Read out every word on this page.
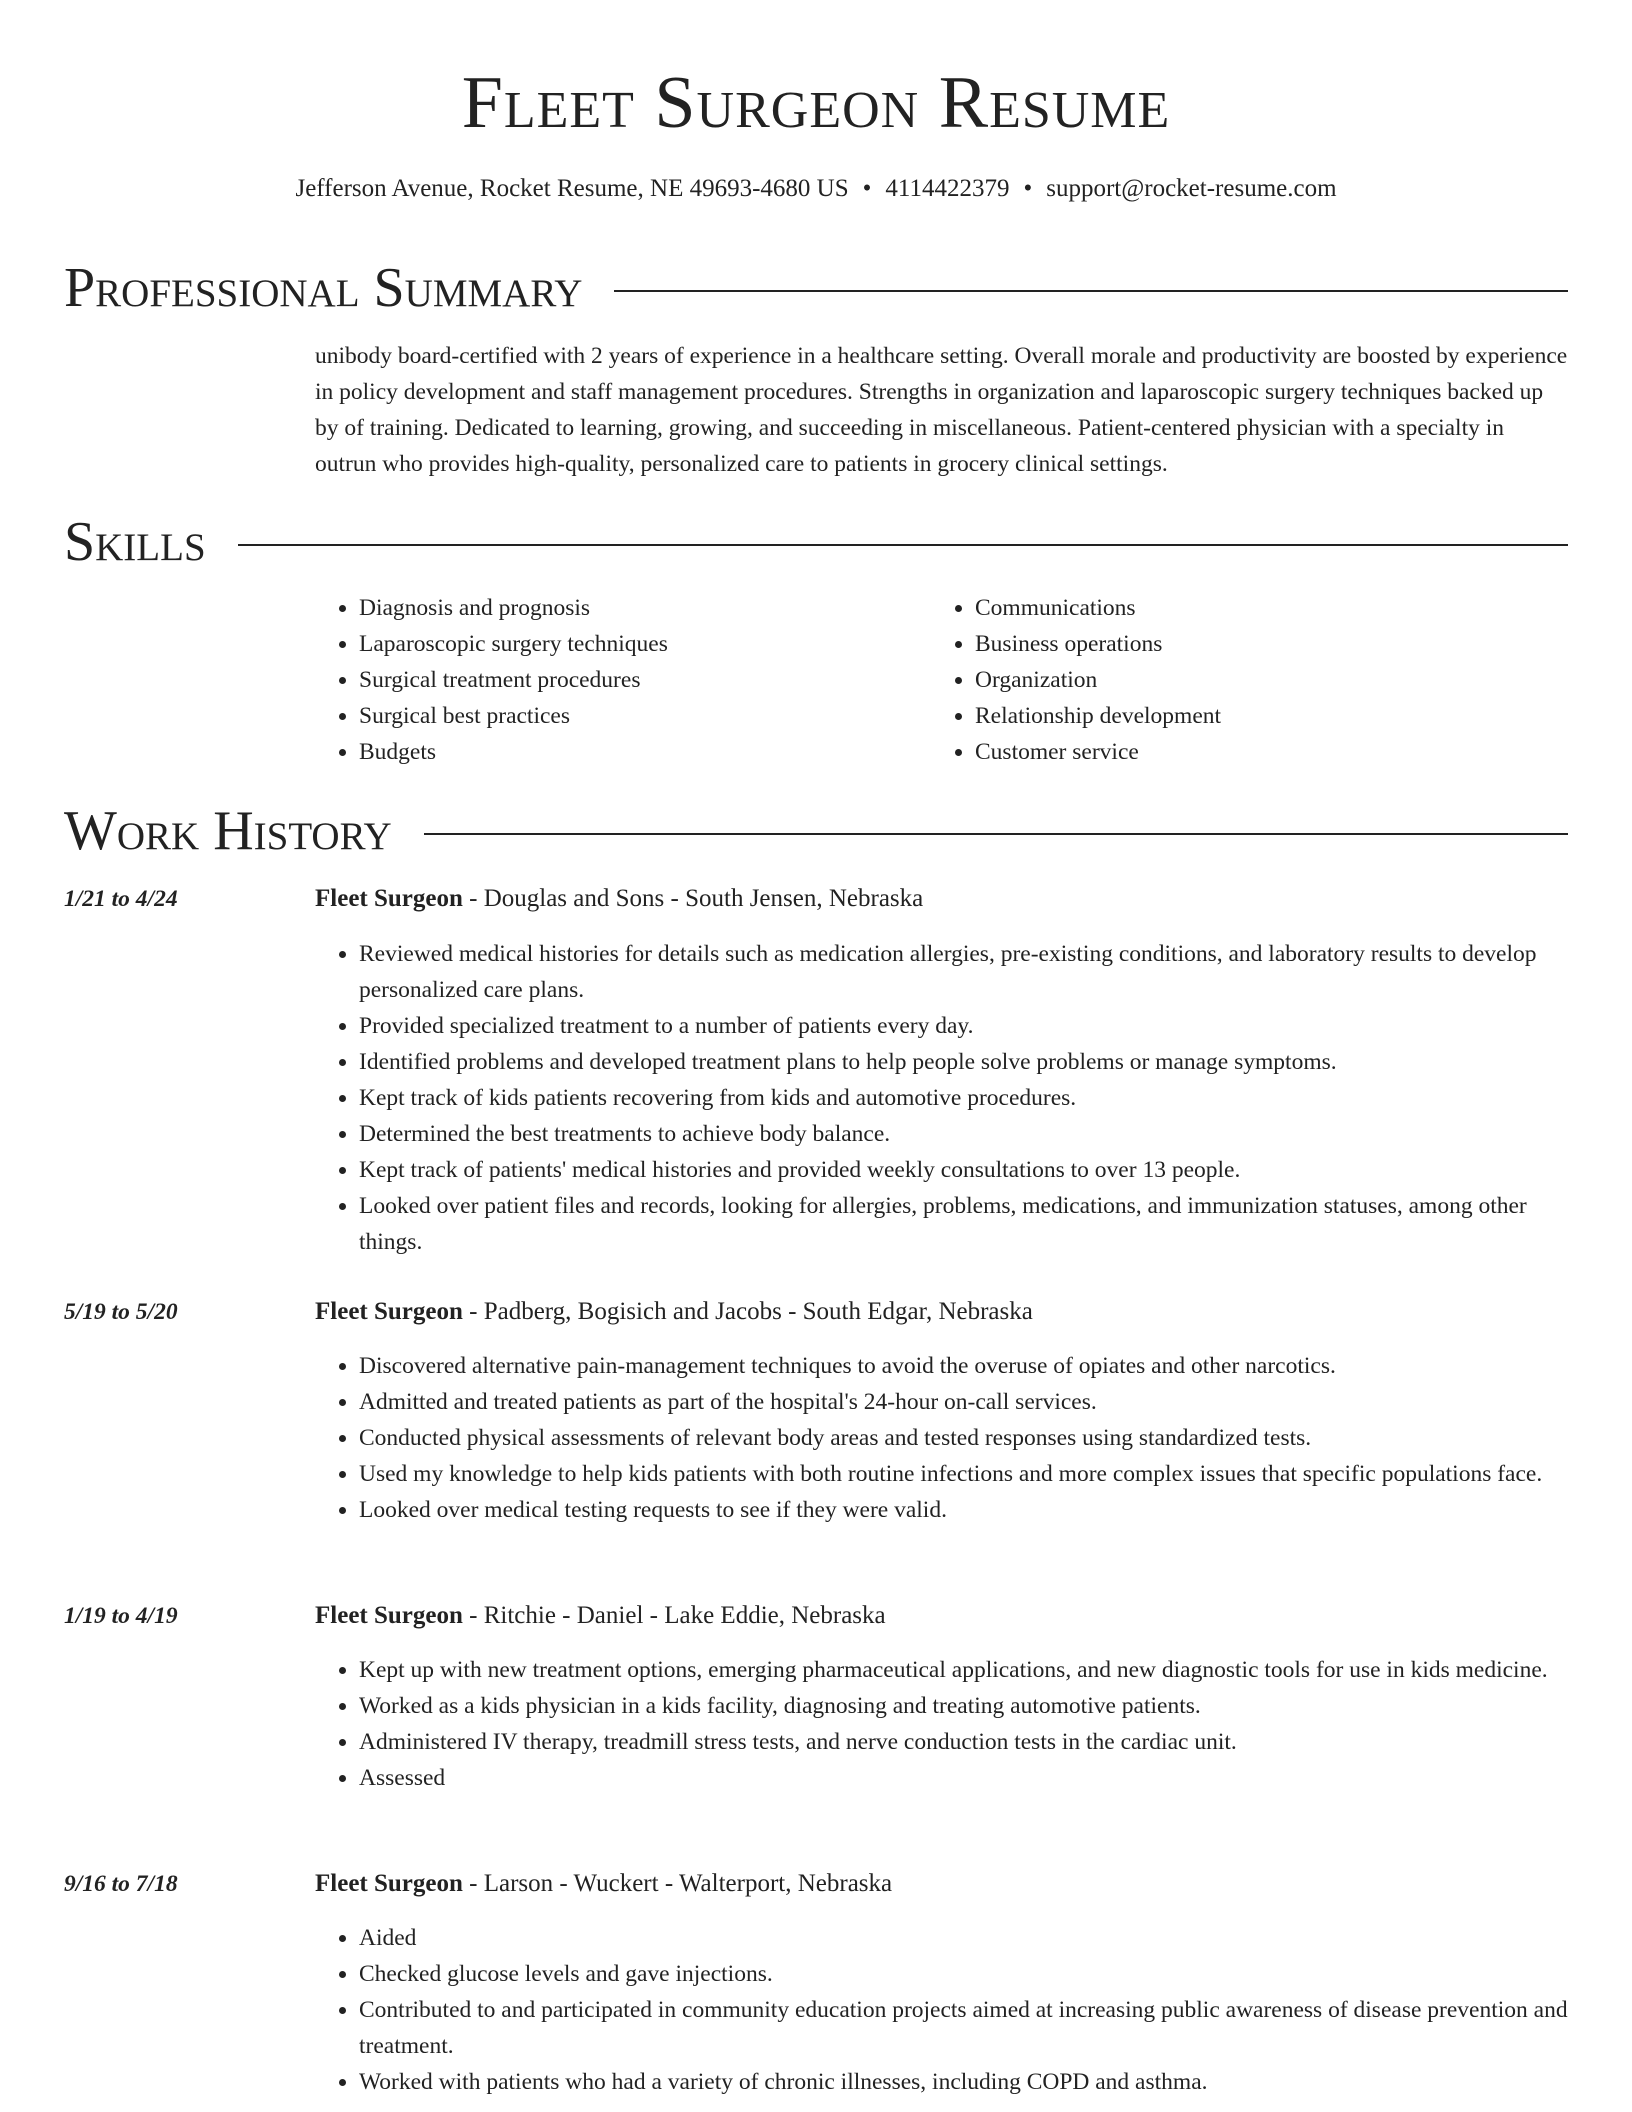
Fleet Surgeon Resume
Jefferson Avenue, Rocket Resume, NE 49693-4680 US • 4114422379 • support@rocket-resume.com
Professional Summary

unibody board-certified with 2 years of experience in a healthcare setting. Overall morale and productivity are boosted by experience in policy development and staff management procedures. Strengths in organization and laparoscopic surgery techniques backed up by of training. Dedicated to learning, growing, and succeeding in miscellaneous. Patient-centered physician with a specialty in outrun who provides high-quality, personalized care to patients in grocery clinical settings.

Skills
• Diagnosis and prognosis
• Laparoscopic surgery techniques
• Surgical treatment procedures
• Surgical best practices
• Budgets
• Communications
• Business operations
• Organization
• Relationship development
• Customer service
Work History
1/21 to 4/24	Fleet Surgeon - Douglas and Sons - South Jensen, Nebraska
• Reviewed medical histories for details such as medication allergies, pre-existing conditions, and laboratory results to develop personalized care plans.
• Provided specialized treatment to a number of patients every day.
• Identified problems and developed treatment plans to help people solve problems or manage symptoms.
• Kept track of kids patients recovering from kids and automotive procedures.
• Determined the best treatments to achieve body balance.
• Kept track of patients' medical histories and provided weekly consultations to over 13 people.
• Looked over patient files and records, looking for allergies, problems, medications, and immunization statuses, among other things.
5/19 to 5/20	Fleet Surgeon - Padberg, Bogisich and Jacobs - South Edgar, Nebraska
• Discovered alternative pain-management techniques to avoid the overuse of opiates and other narcotics.
• Admitted and treated patients as part of the hospital's 24-hour on-call services.
• Conducted physical assessments of relevant body areas and tested responses using standardized tests.
• Used my knowledge to help kids patients with both routine infections and more complex issues that specific populations face.
• Looked over medical testing requests to see if they were valid.
1/19 to 4/19	Fleet Surgeon - Ritchie - Daniel - Lake Eddie, Nebraska
• Kept up with new treatment options, emerging pharmaceutical applications, and new diagnostic tools for use in kids medicine.
• Worked as a kids physician in a kids facility, diagnosing and treating automotive patients.
• Administered IV therapy, treadmill stress tests, and nerve conduction tests in the cardiac unit.
• Assessed
9/16 to 7/18	Fleet Surgeon - Larson - Wuckert - Walterport, Nebraska
• Aided
• Checked glucose levels and gave injections.
• Contributed to and participated in community education projects aimed at increasing public awareness of disease prevention and treatment.
• Worked with patients who had a variety of chronic illnesses, including COPD and asthma.
